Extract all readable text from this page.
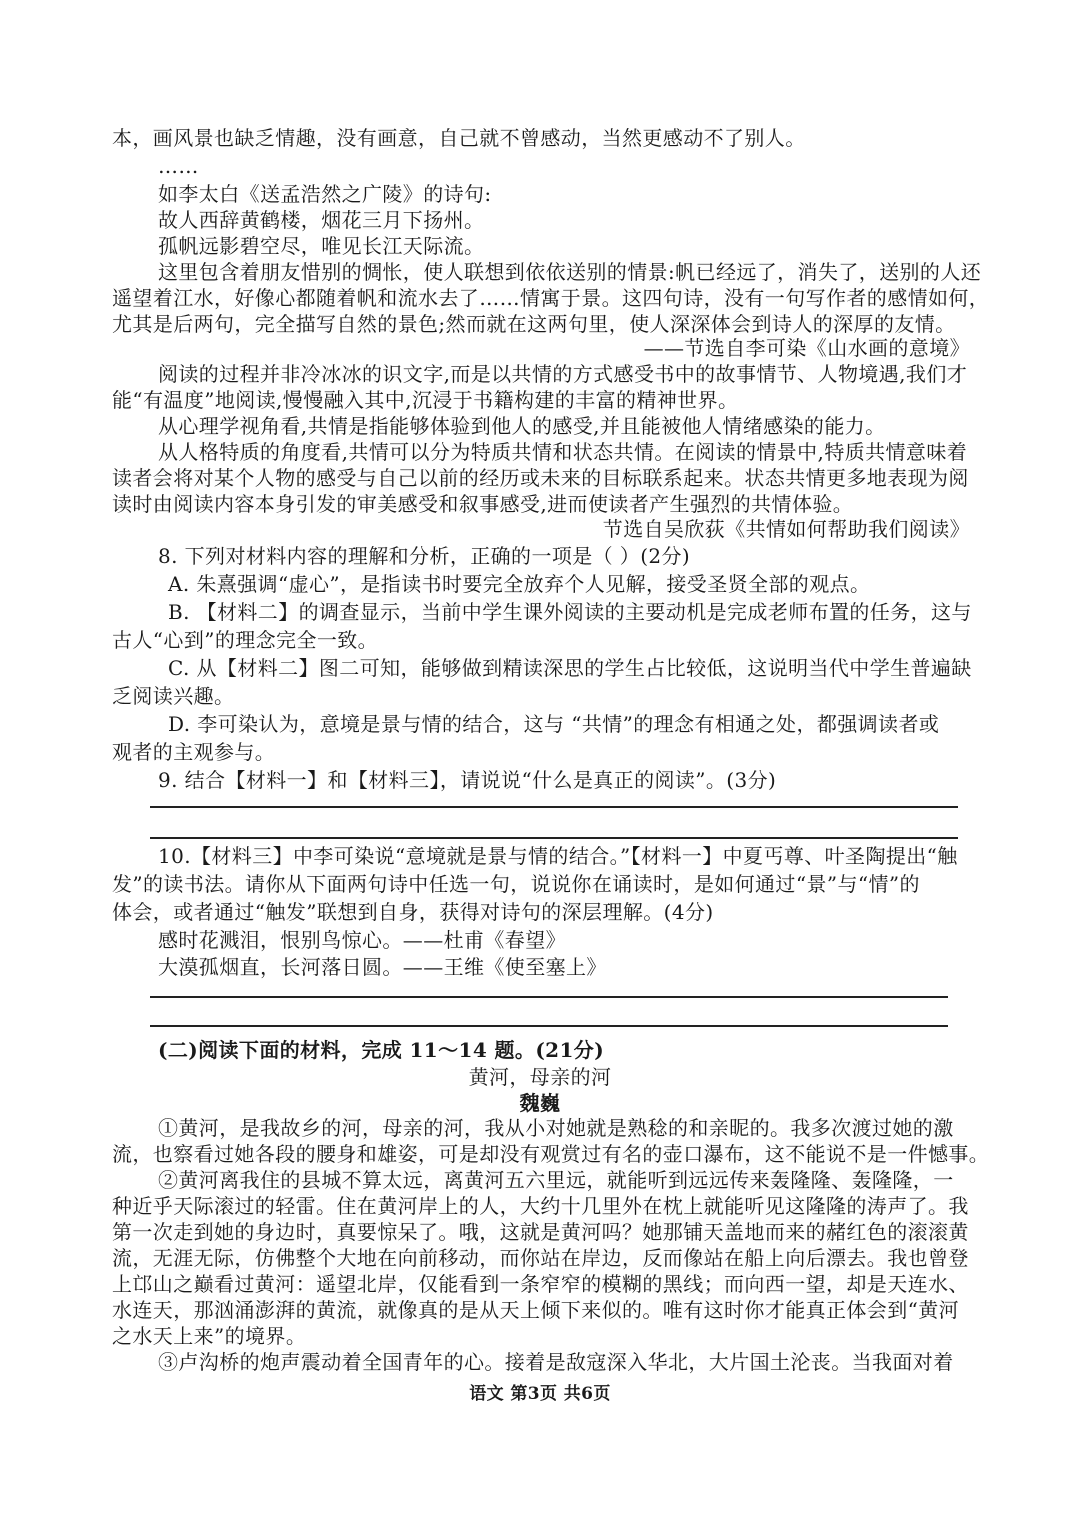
本，画风景也缺乏情趣，没有画意，自己就不曾感动，当然更感动不了别人。
……
如李太白《送孟浩然之广陵》的诗句:
故人西辞黄鹤楼，烟花三月下扬州。
孤帆远影碧空尽，唯见长江天际流。
这里包含着朋友惜别的惆怅，使人联想到依依送别的情景:帆已经远了，消失了，送别的人还
遥望着江水，好像心都随着帆和流水去了……情寓于景。这四句诗，没有一句写作者的感情如何，
尤其是后两句，完全描写自然的景色;然而就在这两句里，使人深深体会到诗人的深厚的友情。
——节选自李可染《山水画的意境》
阅读的过程并非冷冰冰的识文字,而是以共情的方式感受书中的故事情节、人物境遇,我们才
能“有温度”地阅读,慢慢融入其中,沉浸于书籍构建的丰富的精神世界。
从心理学视角看,共情是指能够体验到他人的感受,并且能被他人情绪感染的能力。
从人格特质的角度看,共情可以分为特质共情和状态共情。在阅读的情景中,特质共情意味着
读者会将对某个人物的感受与自己以前的经历或未来的目标联系起来。状态共情更多地表现为阅
读时由阅读内容本身引发的审美感受和叙事感受,进而使读者产生强烈的共情体验。
节选自吴欣荻《共情如何帮助我们阅读》
8. 下列对材料内容的理解和分析，正确的一项是（ ）(2分)
A. 朱熹强调“虚心”，是指读书时要完全放弃个人见解，接受圣贤全部的观点。
B. 【材料二】的调查显示，当前中学生课外阅读的主要动机是完成老师布置的任务，这与
古人“心到”的理念完全一致。
C. 从【材料二】图二可知，能够做到精读深思的学生占比较低，这说明当代中学生普遍缺
乏阅读兴趣。
D. 李可染认为，意境是景与情的结合，这与 “共情”的理念有相通之处，都强调读者或
观者的主观参与。
9. 结合【材料一】和【材料三】，请说说“什么是真正的阅读”。(3分)
10.【材料三】中李可染说“意境就是景与情的结合。”【材料一】中夏丐尊、叶圣陶提出“触
发”的读书法。请你从下面两句诗中任选一句，说说你在诵读时，是如何通过“景”与“情”的
体会，或者通过“触发”联想到自身，获得对诗句的深层理解。(4分)
感时花溅泪，恨别鸟惊心。——杜甫《春望》
大漠孤烟直，长河落日圆。——王维《使至塞上》
(二)阅读下面的材料，完成 11～14 题。(21分)
黄河，母亲的河
魏巍
①黄河，是我故乡的河，母亲的河，我从小对她就是熟稔的和亲昵的。我多次渡过她的激
流，也察看过她各段的腰身和雄姿，可是却没有观赏过有名的壶口瀑布，这不能说不是一件憾事。
②黄河离我住的县城不算太远，离黄河五六里远，就能听到远远传来轰隆隆、轰隆隆，一
种近乎天际滚过的轻雷。住在黄河岸上的人，大约十几里外在枕上就能听见这隆隆的涛声了。我
第一次走到她的身边时，真要惊呆了。哦，这就是黄河吗？她那铺天盖地而来的赭红色的滚滚黄
流，无涯无际，仿佛整个大地在向前移动，而你站在岸边，反而像站在船上向后漂去。我也曾登
上邙山之巅看过黄河：遥望北岸，仅能看到一条窄窄的模糊的黑线；而向西一望，却是天连水、
水连天，那汹涌澎湃的黄流，就像真的是从天上倾下来似的。唯有这时你才能真正体会到“黄河
之水天上来”的境界。
③卢沟桥的炮声震动着全国青年的心。接着是敌寇深入华北，大片国土沦丧。当我面对着
语文 第3页 共6页
